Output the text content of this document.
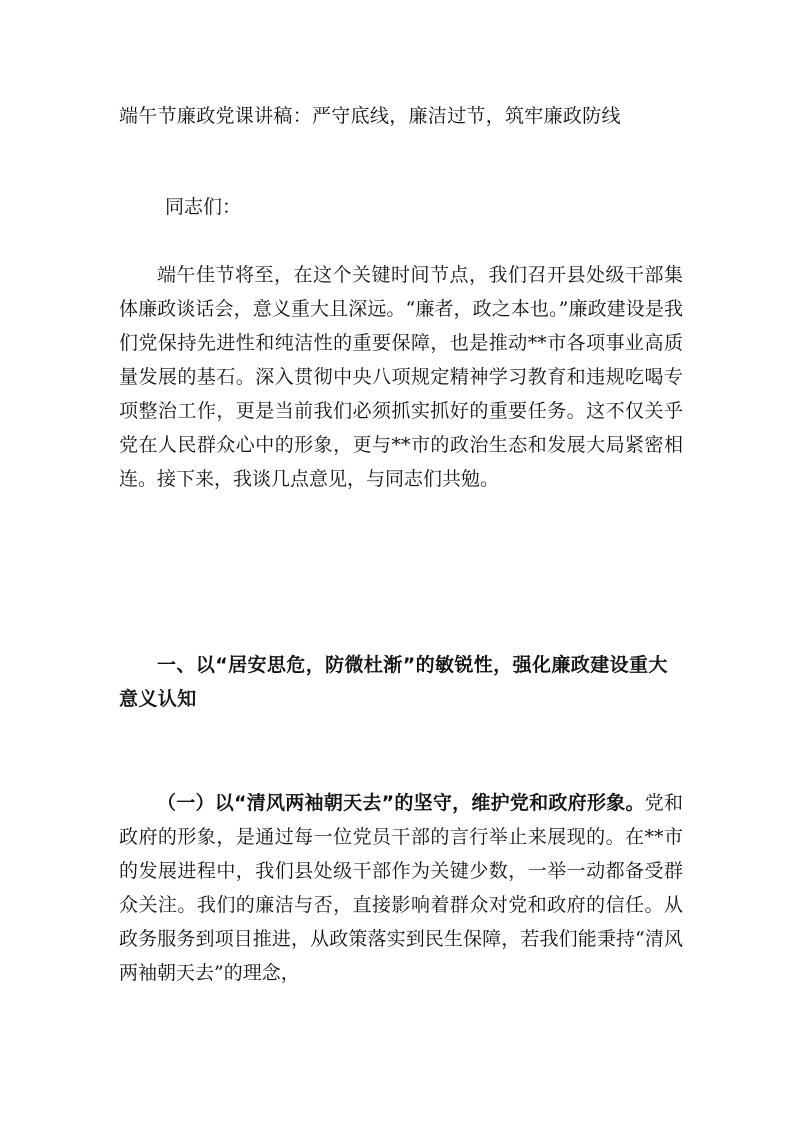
端午节廉政党课讲稿：严守底线，廉洁过节，筑牢廉政防线
同志们：

端午佳节将至，在这个关键时间节点，我们召开县处级干部集体廉政谈话会，意义重大且深远。“廉者，政之本也。”廉政建设是我们党保持先进性和纯洁性的重要保障，也是推动**市各项事业高质量发展的基石。深入贯彻中央八项规定精神学习教育和违规吃喝专项整治工作，更是当前我们必须抓实抓好的重要任务。这不仅关乎党在人民群众心中的形象，更与**市的政治生态和发展大局紧密相连。接下来，我谈几点意见，与同志们共勉。

一、以“居安思危，防微杜渐”的敏锐性，强化廉政建设重大意义认知

（一）以“清风两袖朝天去”的坚守，维护党和政府形象。党和政府的形象，是通过每一位党员干部的言行举止来展现的。在**市的发展进程中，我们县处级干部作为关键少数，一举一动都备受群众关注。我们的廉洁与否，直接影响着群众对党和政府的信任。从政务服务到项目推进，从政策落实到民生保障，若我们能秉持“清风两袖朝天去”的理念，
